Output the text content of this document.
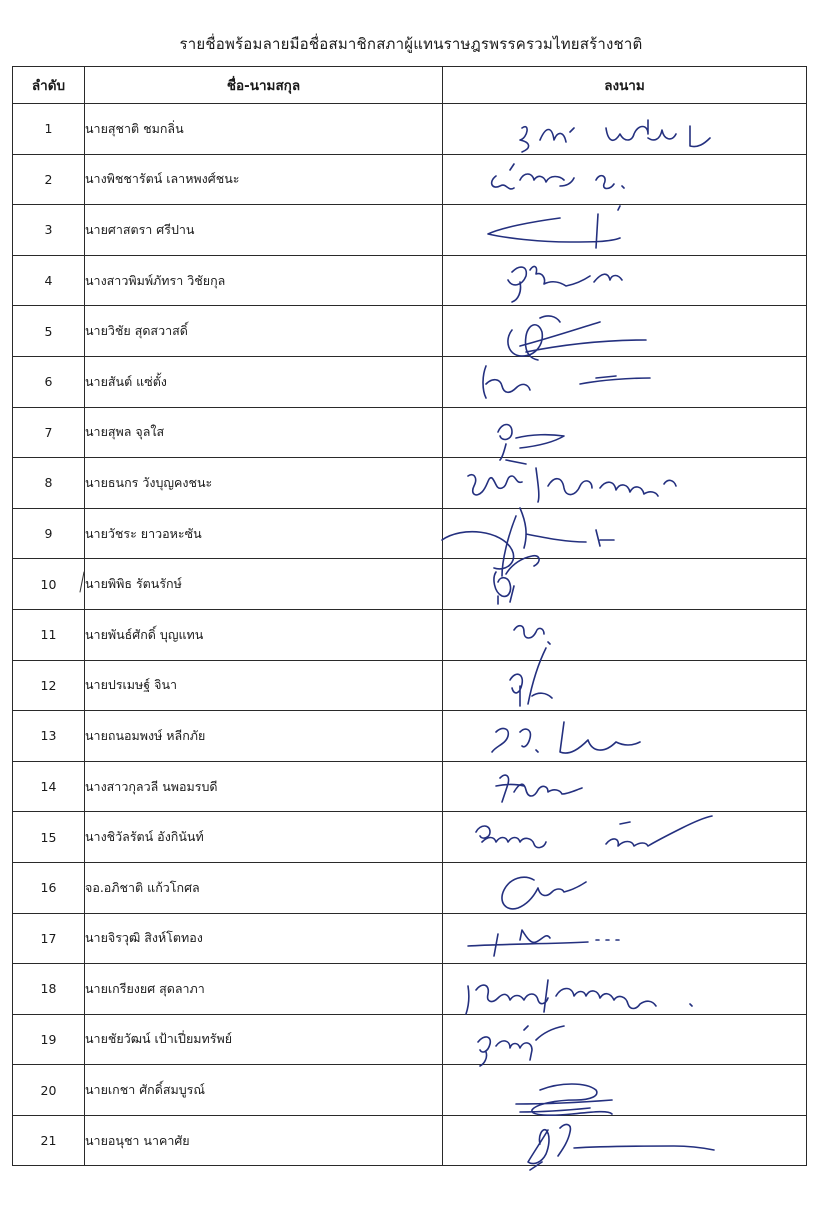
รายชื่อพร้อมลายมือชื่อสมาชิกสภาผู้แทนราษฎรพรรครวมไทยสร้างชาติ
ลำดับ	ชื่อ-นามสกุล	ลงนาม
1	นายสุชาติ ชมกลิ่น	
2	นางพิชชารัตน์ เลาหพงศ์ชนะ	
3	นายศาสตรา ศรีปาน	
4	นางสาวพิมพ์ภัทรา วิชัยกุล	
5	นายวิชัย สุดสวาสดิ์	
6	นายสันต์ แซ่ตั้ง	
7	นายสุพล จุลใส	
8	นายธนกร วังบุญคงชนะ	
9	นายวัชระ ยาวอหะซัน	
10	นายพิพิธ รัตนรักษ์	
11	นายพันธ์ศักดิ์ บุญแทน	
12	นายปรเมษฐ์ จินา	
13	นายถนอมพงษ์ หลีกภัย	
14	นางสาวกุลวลี นพอมรบดี	
15	นางชิวัลรัตน์ อังกินันท์	
16	จอ.อภิชาติ แก้วโกศล	
17	นายจิรวุฒิ สิงห์โตทอง	
18	นายเกรียงยศ สุดลาภา	
19	นายชัยวัฒน์ เป้าเปี่ยมทรัพย์	
20	นายเกชา ศักดิ์สมบูรณ์	
21	นายอนุชา นาคาศัย	
